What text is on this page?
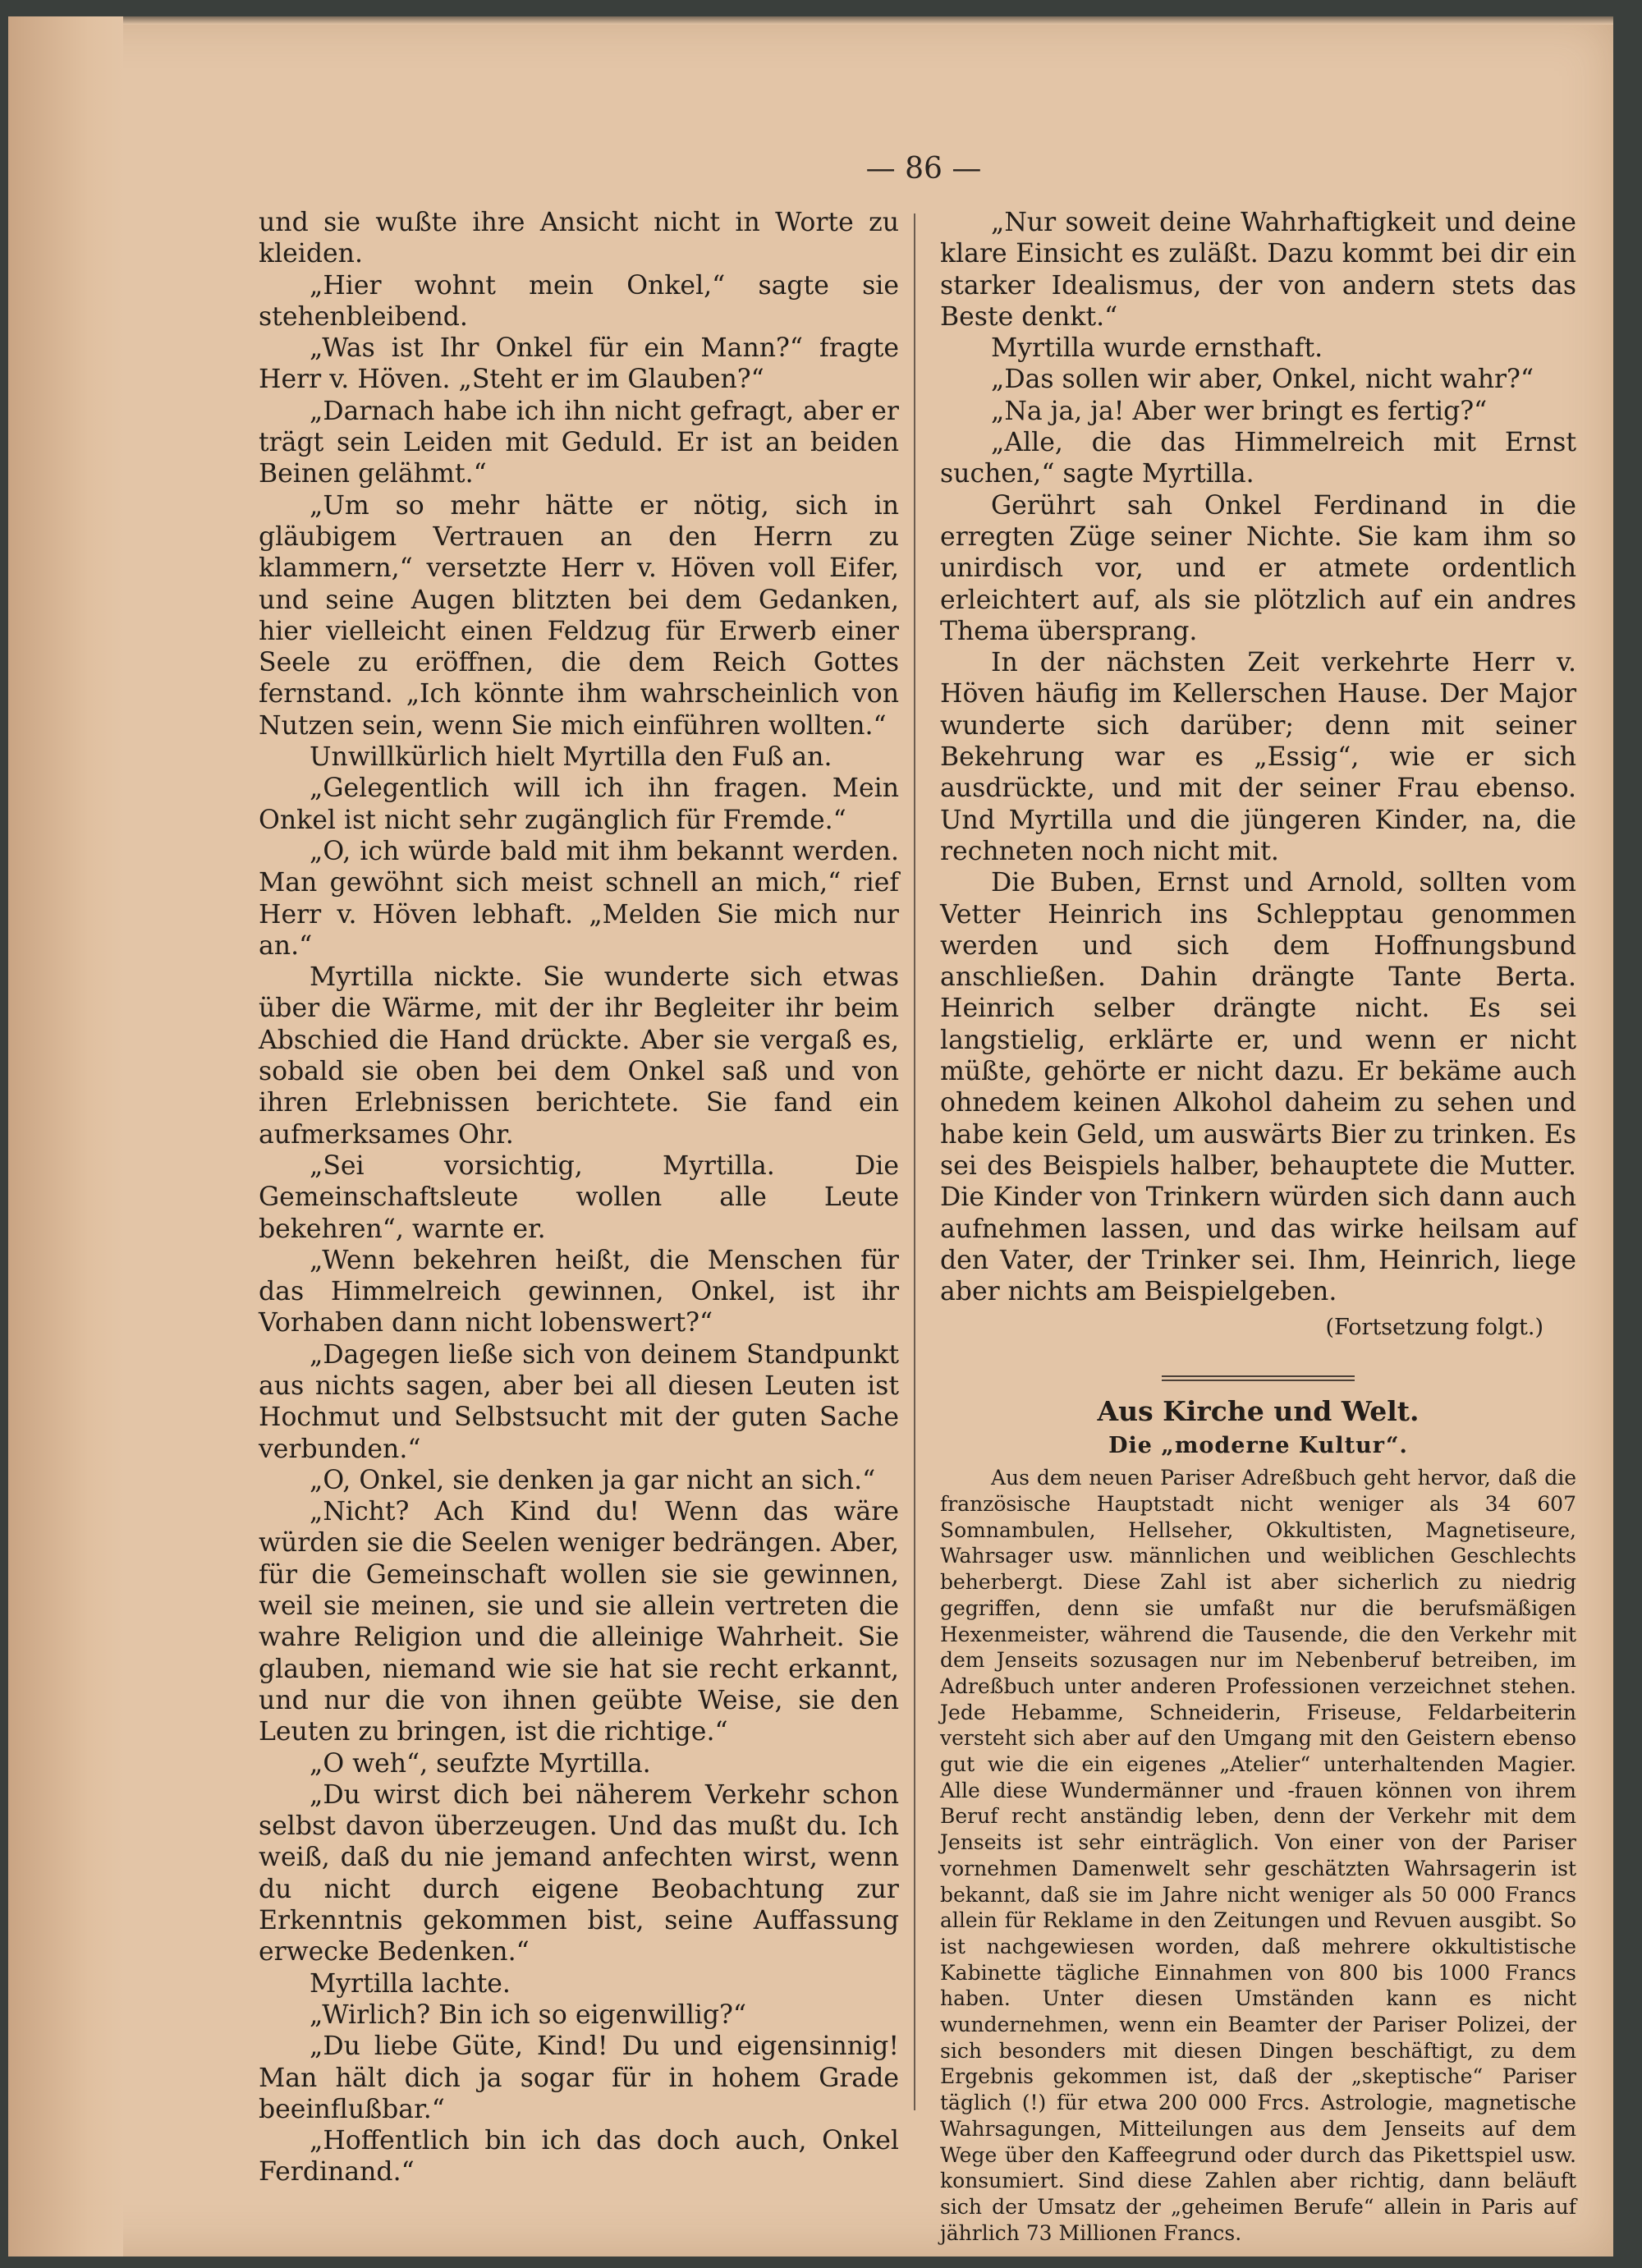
— 86 —

und sie wußte ihre Ansicht nicht in Worte zu kleiden.

„Hier wohnt mein Onkel,“ sagte sie stehenbleibend.

„Was ist Ihr Onkel für ein Mann?“ fragte Herr v. Höven. „Steht er im Glauben?“

„Darnach habe ich ihn nicht gefragt, aber er trägt sein Leiden mit Geduld. Er ist an beiden Beinen gelähmt.“

„Um so mehr hätte er nötig, sich in gläubigem Vertrauen an den Herrn zu klammern,“ versetzte Herr v. Höven voll Eifer, und seine Augen blitzten bei dem Gedanken, hier vielleicht einen Feldzug für Erwerb einer Seele zu eröffnen, die dem Reich Gottes fernstand. „Ich könnte ihm wahrscheinlich von Nutzen sein, wenn Sie mich einführen wollten.“

Unwillkürlich hielt Myrtilla den Fuß an.

„Gelegentlich will ich ihn fragen. Mein Onkel ist nicht sehr zugänglich für Fremde.“

„O, ich würde bald mit ihm bekannt werden. Man gewöhnt sich meist schnell an mich,“ rief Herr v. Höven lebhaft. „Melden Sie mich nur an.“

Myrtilla nickte. Sie wunderte sich etwas über die Wärme, mit der ihr Begleiter ihr beim Abschied die Hand drückte. Aber sie vergaß es, sobald sie oben bei dem Onkel saß und von ihren Erlebnissen berichtete. Sie fand ein aufmerksames Ohr.

„Sei vorsichtig, Myrtilla. Die Gemeinschaftsleute wollen alle Leute bekehren“, warnte er.

„Wenn bekehren heißt, die Menschen für das Himmelreich gewinnen, Onkel, ist ihr Vorhaben dann nicht lobenswert?“

„Dagegen ließe sich von deinem Standpunkt aus nichts sagen, aber bei all diesen Leuten ist Hochmut und Selbstsucht mit der guten Sache verbunden.“

„O, Onkel, sie denken ja gar nicht an sich.“

„Nicht? Ach Kind du! Wenn das wäre würden sie die Seelen weniger bedrängen. Aber, für die Gemeinschaft wollen sie sie gewinnen, weil sie meinen, sie und sie allein vertreten die wahre Religion und die alleinige Wahrheit. Sie glauben, niemand wie sie hat sie recht erkannt, und nur die von ihnen geübte Weise, sie den Leuten zu bringen, ist die richtige.“

„O weh“, seufzte Myrtilla.

„Du wirst dich bei näherem Verkehr schon selbst davon überzeugen. Und das mußt du. Ich weiß, daß du nie jemand anfechten wirst, wenn du nicht durch eigene Beobachtung zur Erkenntnis gekommen bist, seine Auffassung erwecke Bedenken.“

Myrtilla lachte.

„Wirlich? Bin ich so eigenwillig?“

„Du liebe Güte, Kind! Du und eigensinnig! Man hält dich ja sogar für in hohem Grade beeinflußbar.“

„Hoffentlich bin ich das doch auch, Onkel Ferdinand.“

„Nur soweit deine Wahrhaftigkeit und deine klare Einsicht es zuläßt. Dazu kommt bei dir ein starker Idealismus, der von andern stets das Beste denkt.“

Myrtilla wurde ernsthaft.

„Das sollen wir aber, Onkel, nicht wahr?“

„Na ja, ja! Aber wer bringt es fertig?“

„Alle, die das Himmelreich mit Ernst suchen,“ sagte Myrtilla.

Gerührt sah Onkel Ferdinand in die erregten Züge seiner Nichte. Sie kam ihm so unirdisch vor, und er atmete ordentlich erleichtert auf, als sie plötzlich auf ein andres Thema übersprang.

In der nächsten Zeit verkehrte Herr v. Höven häufig im Kellerschen Hause. Der Major wunderte sich darüber; denn mit seiner Bekehrung war es „Essig“, wie er sich ausdrückte, und mit der seiner Frau ebenso. Und Myrtilla und die jüngeren Kinder, na, die rechneten noch nicht mit.

Die Buben, Ernst und Arnold, sollten vom Vetter Heinrich ins Schlepptau genommen werden und sich dem Hoffnungsbund anschließen. Dahin drängte Tante Berta. Heinrich selber drängte nicht. Es sei langstielig, erklärte er, und wenn er nicht müßte, gehörte er nicht dazu. Er bekäme auch ohnedem keinen Alkohol daheim zu sehen und habe kein Geld, um auswärts Bier zu trinken. Es sei des Beispiels halber, behauptete die Mutter. Die Kinder von Trinkern würden sich dann auch aufnehmen lassen, und das wirke heilsam auf den Vater, der Trinker sei. Ihm, Heinrich, liege aber nichts am Beispielgeben.

(Fortsetzung folgt.)

Aus Kirche und Welt.

Die „moderne Kultur“.

Aus dem neuen Pariser Adreßbuch geht hervor, daß die französische Hauptstadt nicht weniger als 34 607 Somnambulen, Hellseher, Okkultisten, Magnetiseure, Wahrsager usw. männlichen und weiblichen Geschlechts beherbergt. Diese Zahl ist aber sicherlich zu niedrig gegriffen, denn sie umfaßt nur die berufsmäßigen Hexenmeister, während die Tausende, die den Verkehr mit dem Jenseits sozusagen nur im Nebenberuf betreiben, im Adreßbuch unter anderen Professionen verzeichnet stehen. Jede Hebamme, Schneiderin, Friseuse, Feldarbeiterin versteht sich aber auf den Umgang mit den Geistern ebenso gut wie die ein eigenes „Atelier“ unterhaltenden Magier. Alle diese Wundermänner und -frauen können von ihrem Beruf recht anständig leben, denn der Verkehr mit dem Jenseits ist sehr einträglich. Von einer von der Pariser vornehmen Damenwelt sehr geschätzten Wahrsagerin ist bekannt, daß sie im Jahre nicht weniger als 50 000 Francs allein für Reklame in den Zeitungen und Revuen ausgibt. So ist nachgewiesen worden, daß mehrere okkultistische Kabinette tägliche Einnahmen von 800 bis 1000 Francs haben. Unter diesen Umständen kann es nicht wundernehmen, wenn ein Beamter der Pariser Polizei, der sich besonders mit diesen Dingen beschäftigt, zu dem Ergebnis gekommen ist, daß der „skeptische“ Pariser täglich (!) für etwa 200 000 Frcs. Astrologie, magnetische Wahrsagungen, Mitteilungen aus dem Jenseits auf dem Wege über den Kaffeegrund oder durch das Pikettspiel usw. konsumiert. Sind diese Zahlen aber richtig, dann beläuft sich der Umsatz der „geheimen Berufe“ allein in Paris auf jährlich 73 Millionen Francs.
